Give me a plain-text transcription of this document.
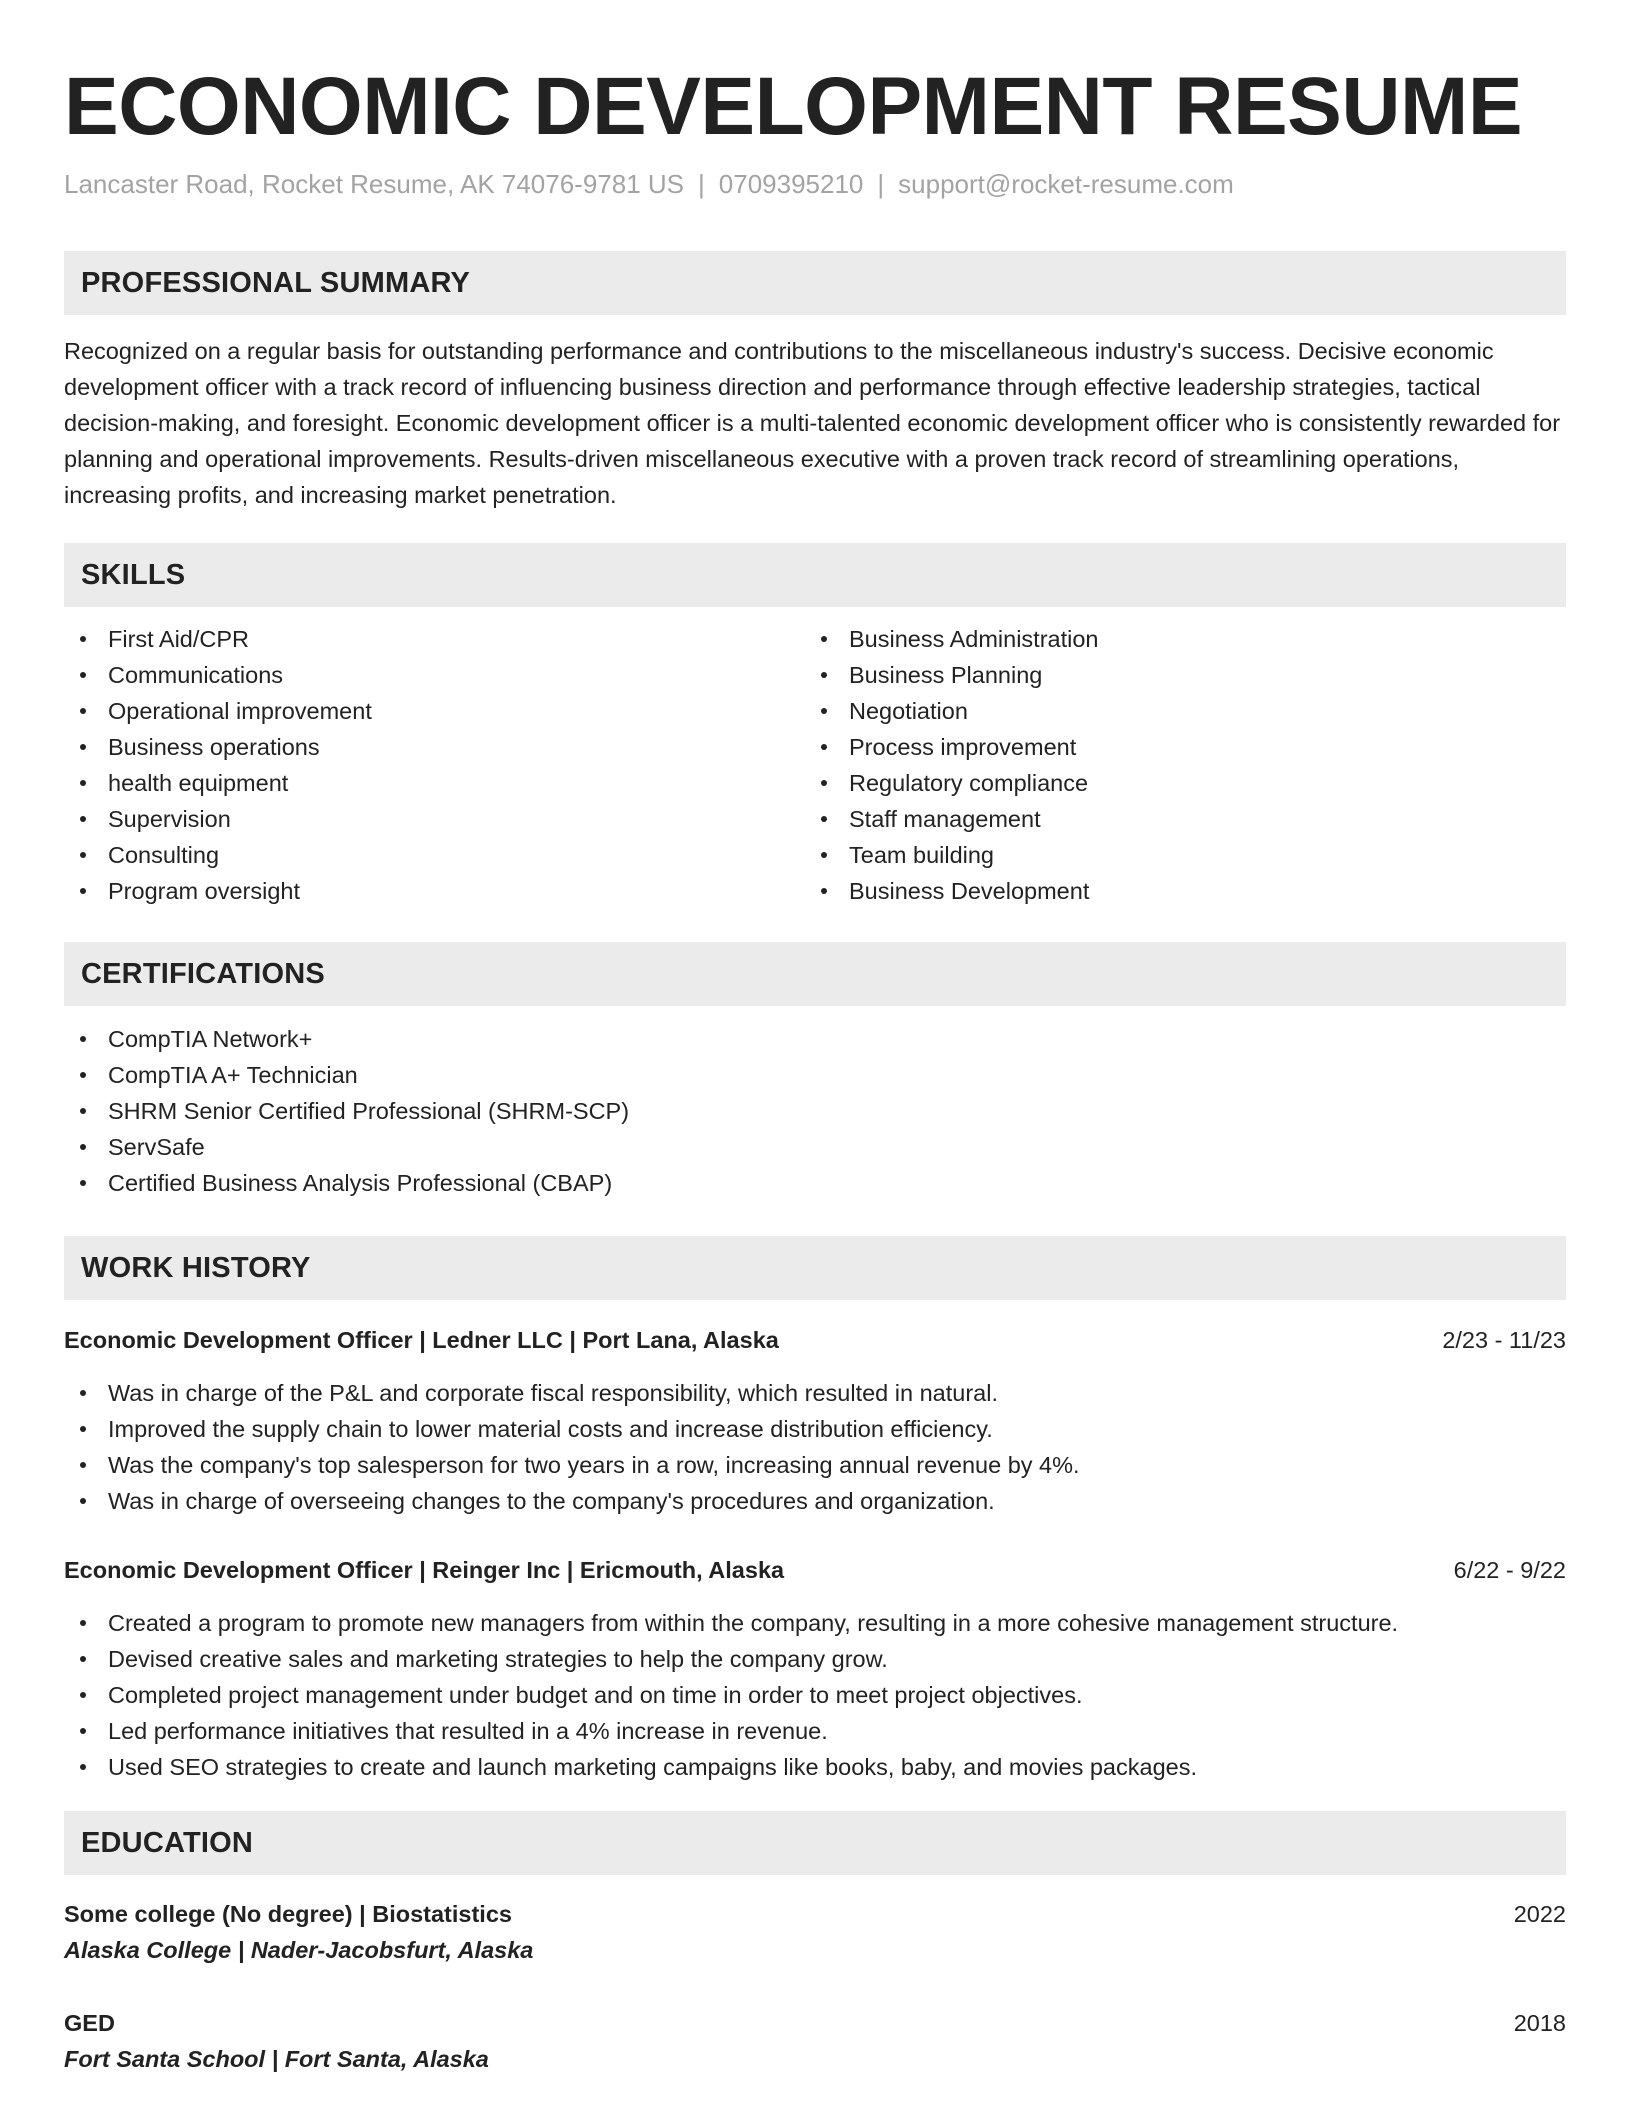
ECONOMIC DEVELOPMENT RESUME
Lancaster Road, Rocket Resume, AK 74076-9781 US | 0709395210 | support@rocket-resume.com
PROFESSIONAL SUMMARY

Recognized on a regular basis for outstanding performance and contributions to the miscellaneous industry's success. Decisive economic development officer with a track record of influencing business direction and performance through effective leadership strategies, tactical decision-making, and foresight. Economic development officer is a multi-talented economic development officer who is consistently rewarded for planning and operational improvements. Results-driven miscellaneous executive with a proven track record of streamlining operations, increasing profits, and increasing market penetration.

SKILLS
First Aid/CPR
Communications
Operational improvement
Business operations
health equipment
Supervision
Consulting
Program oversight
Business Administration
Business Planning
Negotiation
Process improvement
Regulatory compliance
Staff management
Team building
Business Development
CERTIFICATIONS
CompTIA Network+
CompTIA A+ Technician
SHRM Senior Certified Professional (SHRM-SCP)
ServSafe
Certified Business Analysis Professional (CBAP)
WORK HISTORY
Economic Development Officer | Ledner LLC | Port Lana, Alaska	2/23 - 11/23
Was in charge of the P&L and corporate fiscal responsibility, which resulted in natural.
Improved the supply chain to lower material costs and increase distribution efficiency.
Was the company's top salesperson for two years in a row, increasing annual revenue by 4%.
Was in charge of overseeing changes to the company's procedures and organization.
Economic Development Officer | Reinger Inc | Ericmouth, Alaska	6/22 - 9/22
Created a program to promote new managers from within the company, resulting in a more cohesive management structure.
Devised creative sales and marketing strategies to help the company grow.
Completed project management under budget and on time in order to meet project objectives.
Led performance initiatives that resulted in a 4% increase in revenue.
Used SEO strategies to create and launch marketing campaigns like books, baby, and movies packages.
EDUCATION
Some college (No degree) | Biostatistics	2022
Alaska College | Nader-Jacobsfurt, Alaska
GED	2018
Fort Santa School | Fort Santa, Alaska
